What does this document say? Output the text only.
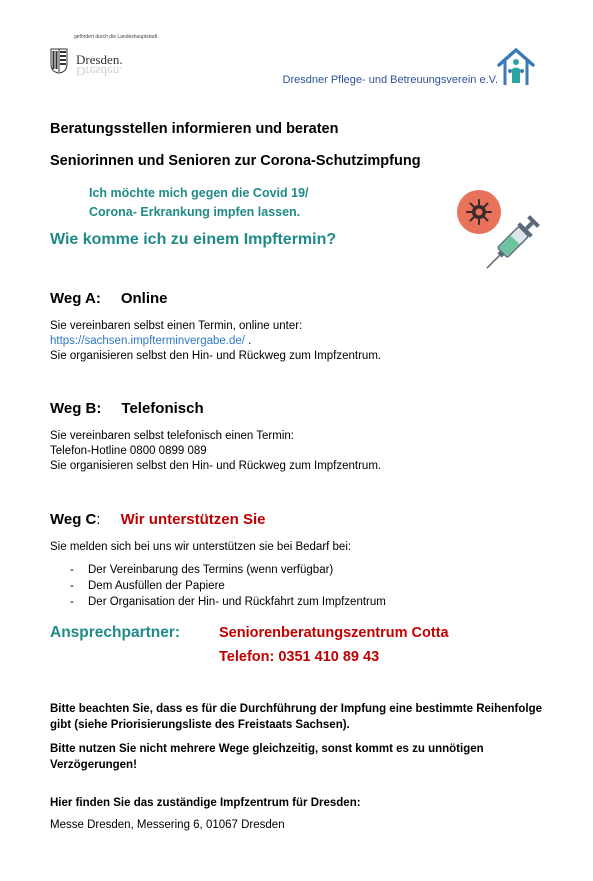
gefördert durch die Landeshauptstadt
Dresden.
Dresden.
Dresdner Pflege- und Betreuungsverein e.V.
Beratungsstellen informieren und beraten
Seniorinnen und Senioren zur Corona-Schutzimpfung
Ich möchte mich gegen die Covid 19/
Corona- Erkrankung impfen lassen.
Wie komme ich zu einem Impftermin?
Weg A: Online
Sie vereinbaren selbst einen Termin, online unter:
https://sachsen.impfterminvergabe.de/ .
Sie organisieren selbst den Hin- und Rückweg zum Impfzentrum.
Weg B: Telefonisch
Sie vereinbaren selbst telefonisch einen Termin:
Telefon-Hotline 0800 0899 089
Sie organisieren selbst den Hin- und Rückweg zum Impfzentrum.
Weg C: Wir unterstützen Sie
Sie melden sich bei uns wir unterstützen sie bei Bedarf bei:
- Der Vereinbarung des Termins (wenn verfügbar)
- Dem Ausfüllen der Papiere
- Der Organisation der Hin- und Rückfahrt zum Impfzentrum
Ansprechpartner:	Seniorenberatungszentrum Cotta
Telefon: 0351 410 89 43
Bitte beachten Sie, dass es für die Durchführung der Impfung eine bestimmte Reihenfolge gibt (siehe Priorisierungsliste des Freistaats Sachsen).
Bitte nutzen Sie nicht mehrere Wege gleichzeitig, sonst kommt es zu unnötigen Verzögerungen!
Hier finden Sie das zuständige Impfzentrum für Dresden:
Messe Dresden, Messering 6, 01067 Dresden
